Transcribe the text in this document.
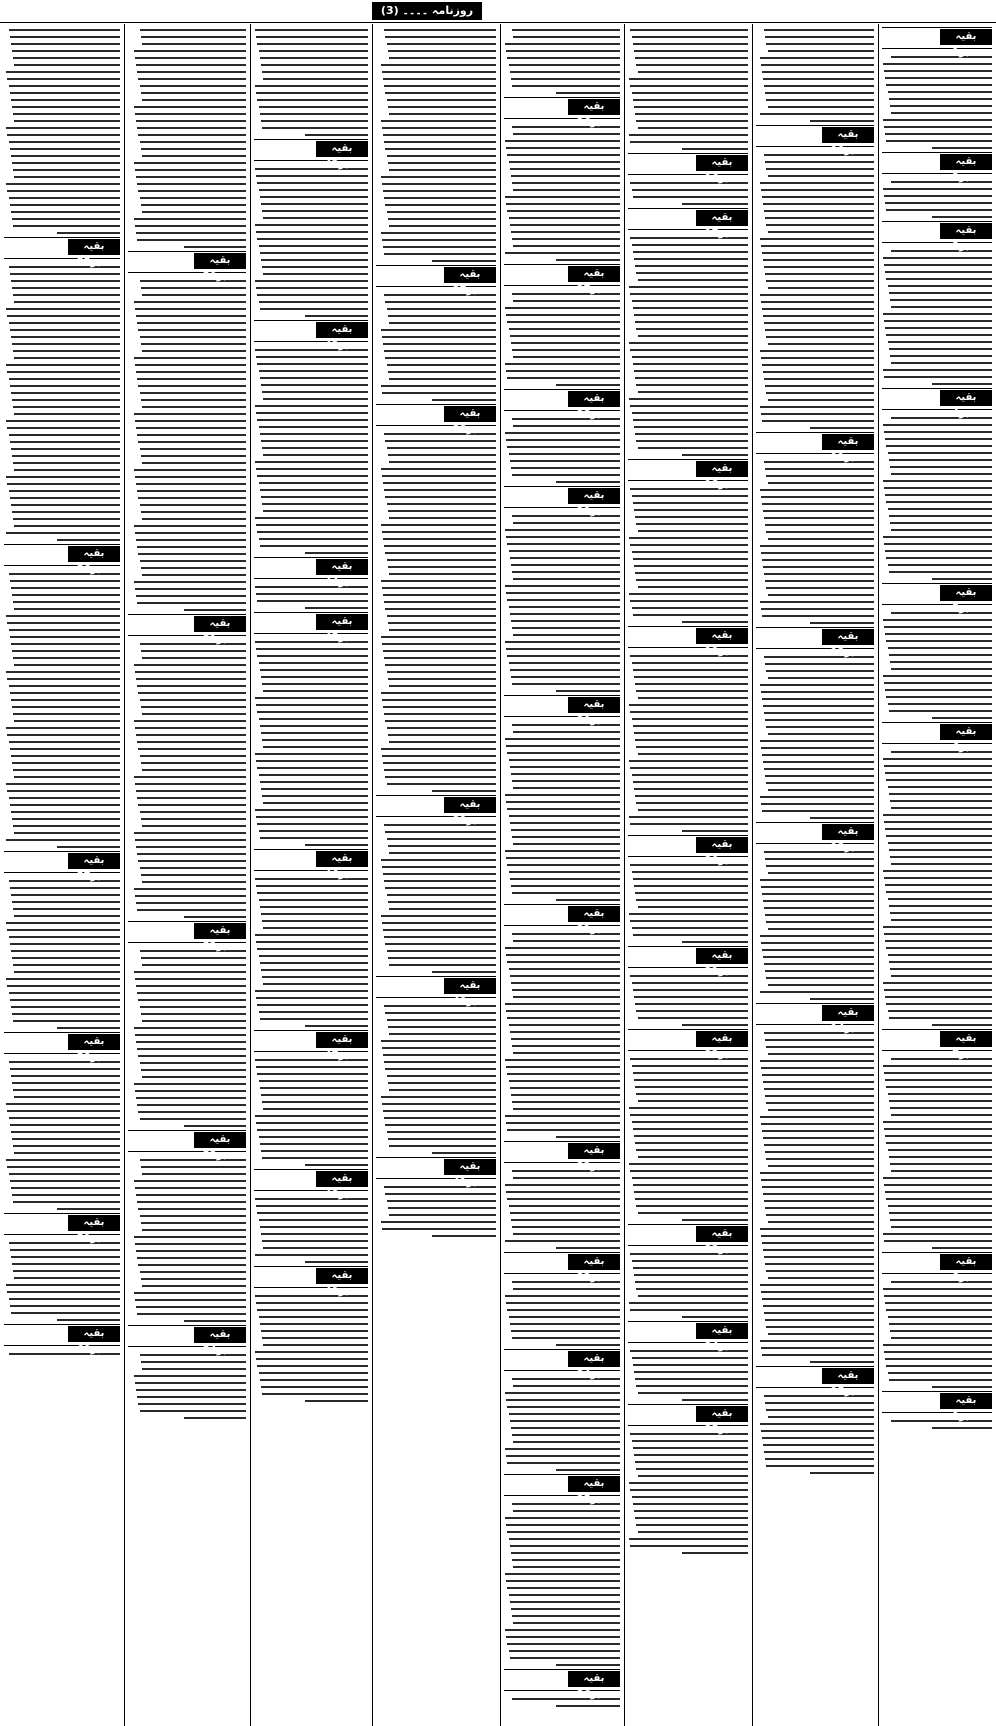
روزنامہ ۔۔۔۔ (3)
بقیہ نمبر1
بقیہ نمبر2
بقیہ نمبر3
بقیہ نمبر4
بقیہ نمبر5
بقیہ نمبر6
بقیہ نمبر7
بقیہ نمبر8
بقیہ نمبر9
بقیہ نمبر10
بقیہ نمبر11
بقیہ نمبر12
بقیہ نمبر13
بقیہ نمبر14
بقیہ نمبر15
بقیہ نمبر16
بقیہ نمبر17
بقیہ نمبر18
بقیہ نمبر19
بقیہ نمبر20
بقیہ نمبر21
بقیہ نمبر22
بقیہ نمبر23
بقیہ نمبر24
بقیہ نمبر25
بقیہ نمبر26
بقیہ نمبر27
بقیہ نمبر28
بقیہ نمبر29
بقیہ نمبر30
بقیہ نمبر31
بقیہ نمبر32
بقیہ نمبر33
بقیہ نمبر34
بقیہ نمبر35
بقیہ نمبر36
بقیہ نمبر37
بقیہ نمبر38
بقیہ نمبر39
بقیہ نمبر40
بقیہ نمبر41
بقیہ نمبر42
بقیہ نمبر43
بقیہ نمبر44
بقیہ نمبر45
بقیہ نمبر46
بقیہ نمبر47
بقیہ نمبر48
بقیہ نمبر49
بقیہ نمبر50
بقیہ نمبر51
بقیہ نمبر52
بقیہ نمبر53
بقیہ نمبر54
بقیہ نمبر55
بقیہ نمبر56
بقیہ نمبر57
بقیہ نمبر58
بقیہ نمبر59
بقیہ نمبر60
